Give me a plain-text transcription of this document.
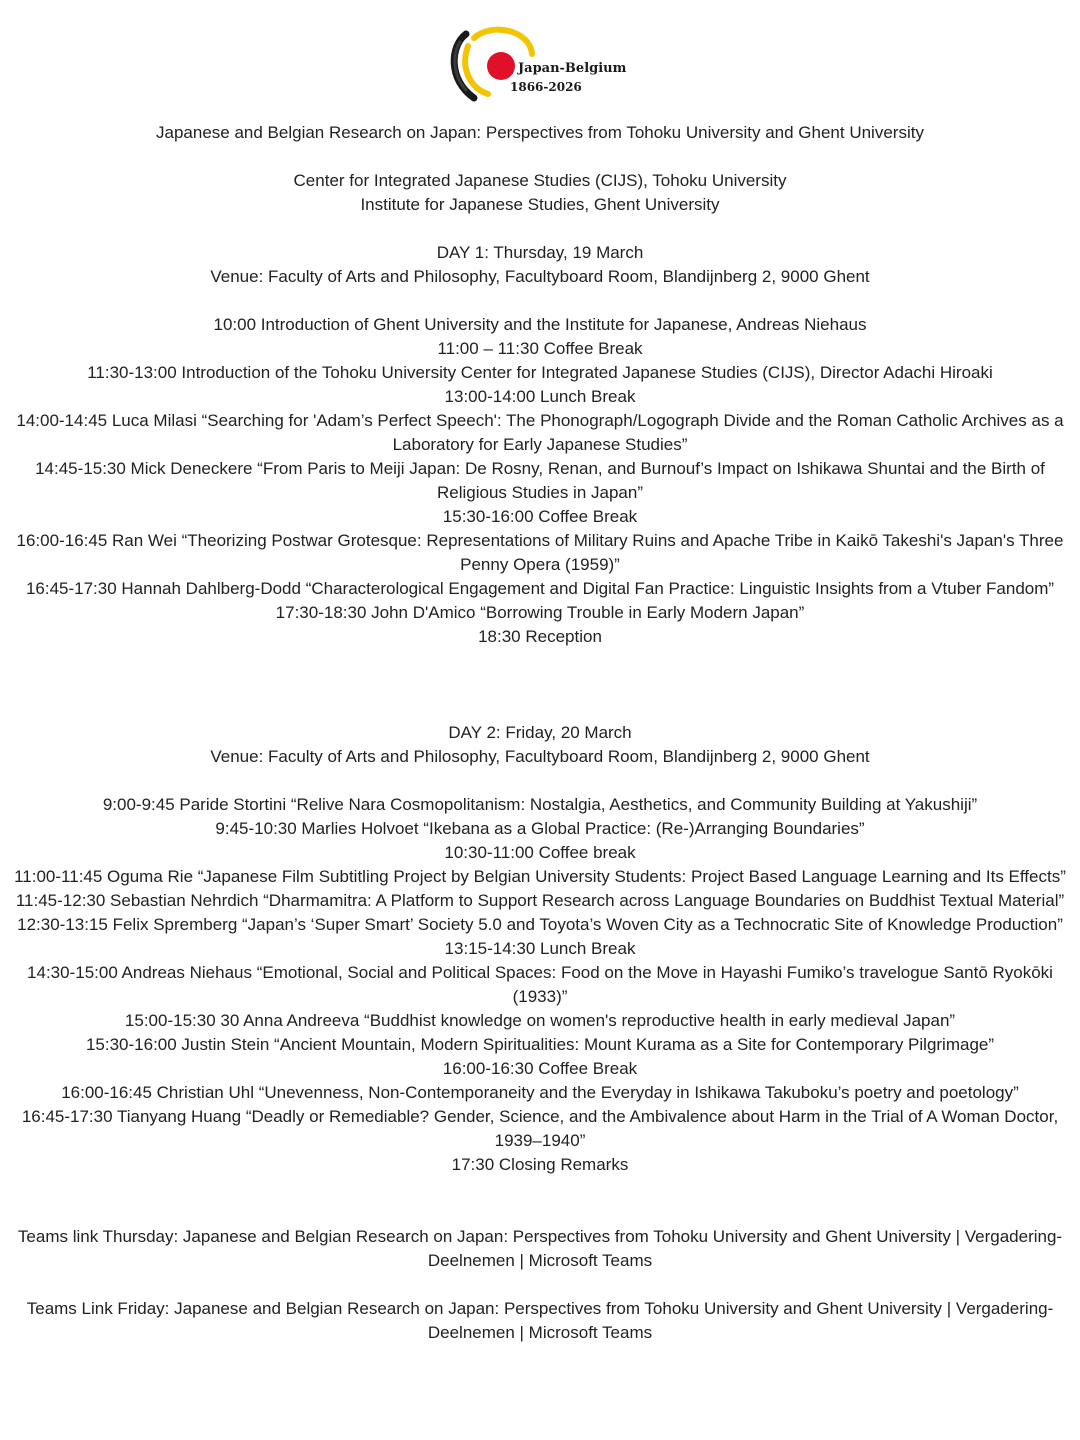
Japan-Belgium
1866-2026

Japanese and Belgian Research on Japan: Perspectives from Tohoku University and Ghent University

Center for Integrated Japanese Studies (CIJS), Tohoku University

Institute for Japanese Studies, Ghent University

DAY 1: Thursday, 19 March

Venue: Faculty of Arts and Philosophy, Facultyboard Room, Blandijnberg 2, 9000 Ghent

10:00 Introduction of Ghent University and the Institute for Japanese, Andreas Niehaus

11:00 – 11:30 Coffee Break

11:30-13:00 Introduction of the Tohoku University Center for Integrated Japanese Studies (CIJS), Director Adachi Hiroaki

13:00-14:00 Lunch Break

14:00-14:45 Luca Milasi “Searching for 'Adam’s Perfect Speech': The Phonograph/Logograph Divide and the Roman Catholic Archives as a Laboratory for Early Japanese Studies”

14:45-15:30 Mick Deneckere “From Paris to Meiji Japan: De Rosny, Renan, and Burnouf’s Impact on Ishikawa Shuntai and the Birth of Religious Studies in Japan”

15:30-16:00 Coffee Break

16:00-16:45 Ran Wei “Theorizing Postwar Grotesque: Representations of Military Ruins and Apache Tribe in Kaikō Takeshi's Japan's Three Penny Opera (1959)”

16:45-17:30 Hannah Dahlberg-Dodd “Characterological Engagement and Digital Fan Practice: Linguistic Insights from a Vtuber Fandom”

17:30-18:30 John D'Amico “Borrowing Trouble in Early Modern Japan”

18:30 Reception

DAY 2: Friday, 20 March

Venue: Faculty of Arts and Philosophy, Facultyboard Room, Blandijnberg 2, 9000 Ghent

9:00-9:45 Paride Stortini “Relive Nara Cosmopolitanism: Nostalgia, Aesthetics, and Community Building at Yakushiji”

9:45-10:30 Marlies Holvoet “Ikebana as a Global Practice: (Re-)Arranging Boundaries”

10:30-11:00 Coffee break

11:00-11:45 Oguma Rie “Japanese Film Subtitling Project by Belgian University Students: Project Based Language Learning and Its Effects”

11:45-12:30 Sebastian Nehrdich “Dharmamitra: A Platform to Support Research across Language Boundaries on Buddhist Textual Material”

12:30-13:15 Felix Spremberg “Japan’s ‘Super Smart’ Society 5.0 and Toyota’s Woven City as a Technocratic Site of Knowledge Production”

13:15-14:30 Lunch Break

14:30-15:00 Andreas Niehaus “Emotional, Social and Political Spaces: Food on the Move in Hayashi Fumiko’s travelogue Santō Ryokōki (1933)”

15:00-15:30 30 Anna Andreeva “Buddhist knowledge on women's reproductive health in early medieval Japan”

15:30-16:00 Justin Stein “Ancient Mountain, Modern Spiritualities: Mount Kurama as a Site for Contemporary Pilgrimage”

16:00-16:30 Coffee Break

16:00-16:45 Christian Uhl “Unevenness, Non-Contemporaneity and the Everyday in Ishikawa Takuboku’s poetry and poetology”

16:45-17:30 Tianyang Huang “Deadly or Remediable? Gender, Science, and the Ambivalence about Harm in the Trial of A Woman Doctor, 1939–1940”

17:30 Closing Remarks

Teams link Thursday: Japanese and Belgian Research on Japan: Perspectives from Tohoku University and Ghent University | Vergadering-Deelnemen | Microsoft Teams

Teams Link Friday: Japanese and Belgian Research on Japan: Perspectives from Tohoku University and Ghent University | Vergadering-Deelnemen | Microsoft Teams
